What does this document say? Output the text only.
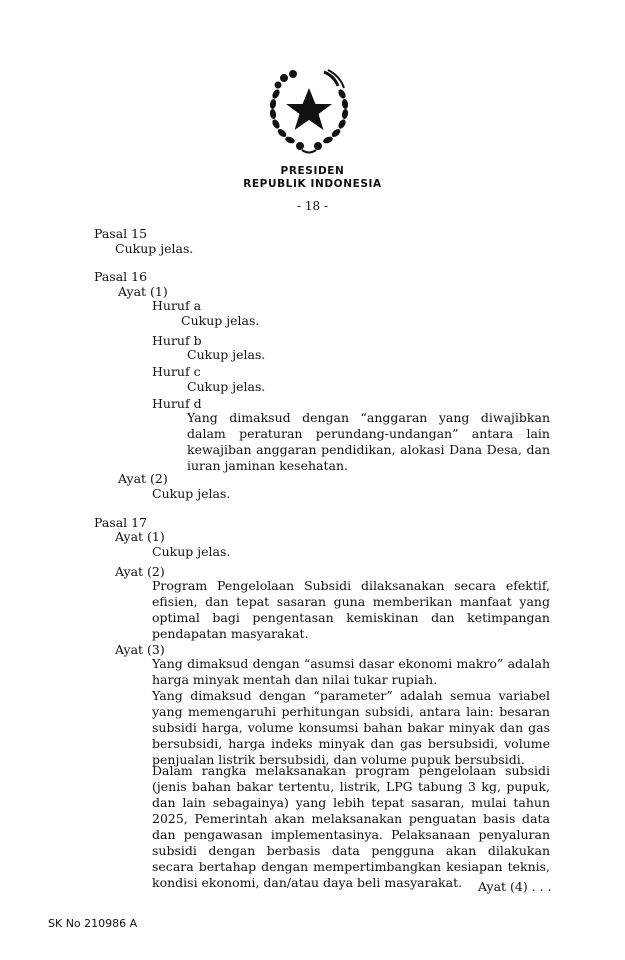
PRESIDEN
REPUBLIK INDONESIA
- 18 -
Pasal 15
Cukup jelas.
Pasal 16
Ayat (1)
Huruf a
Cukup jelas.
Huruf b
Cukup jelas.
Huruf c
Cukup jelas.
Huruf d
Yang dimaksud dengan “anggaran yang diwajibkan dalam peraturan perundang-undangan” antara lain kewajiban anggaran pendidikan, alokasi Dana Desa, dan iuran jaminan kesehatan.
Ayat (2)
Cukup jelas.
Pasal 17
Ayat (1)
Cukup jelas.
Ayat (2)
Program Pengelolaan Subsidi dilaksanakan secara efektif, efisien, dan tepat sasaran guna memberikan manfaat yang optimal bagi pengentasan kemiskinan dan ketimpangan pendapatan masyarakat.
Ayat (3)
Yang dimaksud dengan “asumsi dasar ekonomi makro” adalah harga minyak mentah dan nilai tukar rupiah.
Yang dimaksud dengan “parameter” adalah semua variabel yang memengaruhi perhitungan subsidi, antara lain: besaran subsidi harga, volume konsumsi bahan bakar minyak dan gas bersubsidi, harga indeks minyak dan gas bersubsidi, volume penjualan listrik bersubsidi, dan volume pupuk bersubsidi.
Dalam rangka melaksanakan program pengelolaan subsidi (jenis bahan bakar tertentu, listrik, LPG tabung 3 kg, pupuk, dan lain sebagainya) yang lebih tepat sasaran, mulai tahun 2025, Pemerintah akan melaksanakan penguatan basis data dan pengawasan implementasinya. Pelaksanaan penyaluran subsidi dengan berbasis data pengguna akan dilakukan secara bertahap dengan mempertimbangkan kesiapan teknis, kondisi ekonomi, dan/atau daya beli masyarakat.	Ayat (4) . . .
SK No 210986 A
